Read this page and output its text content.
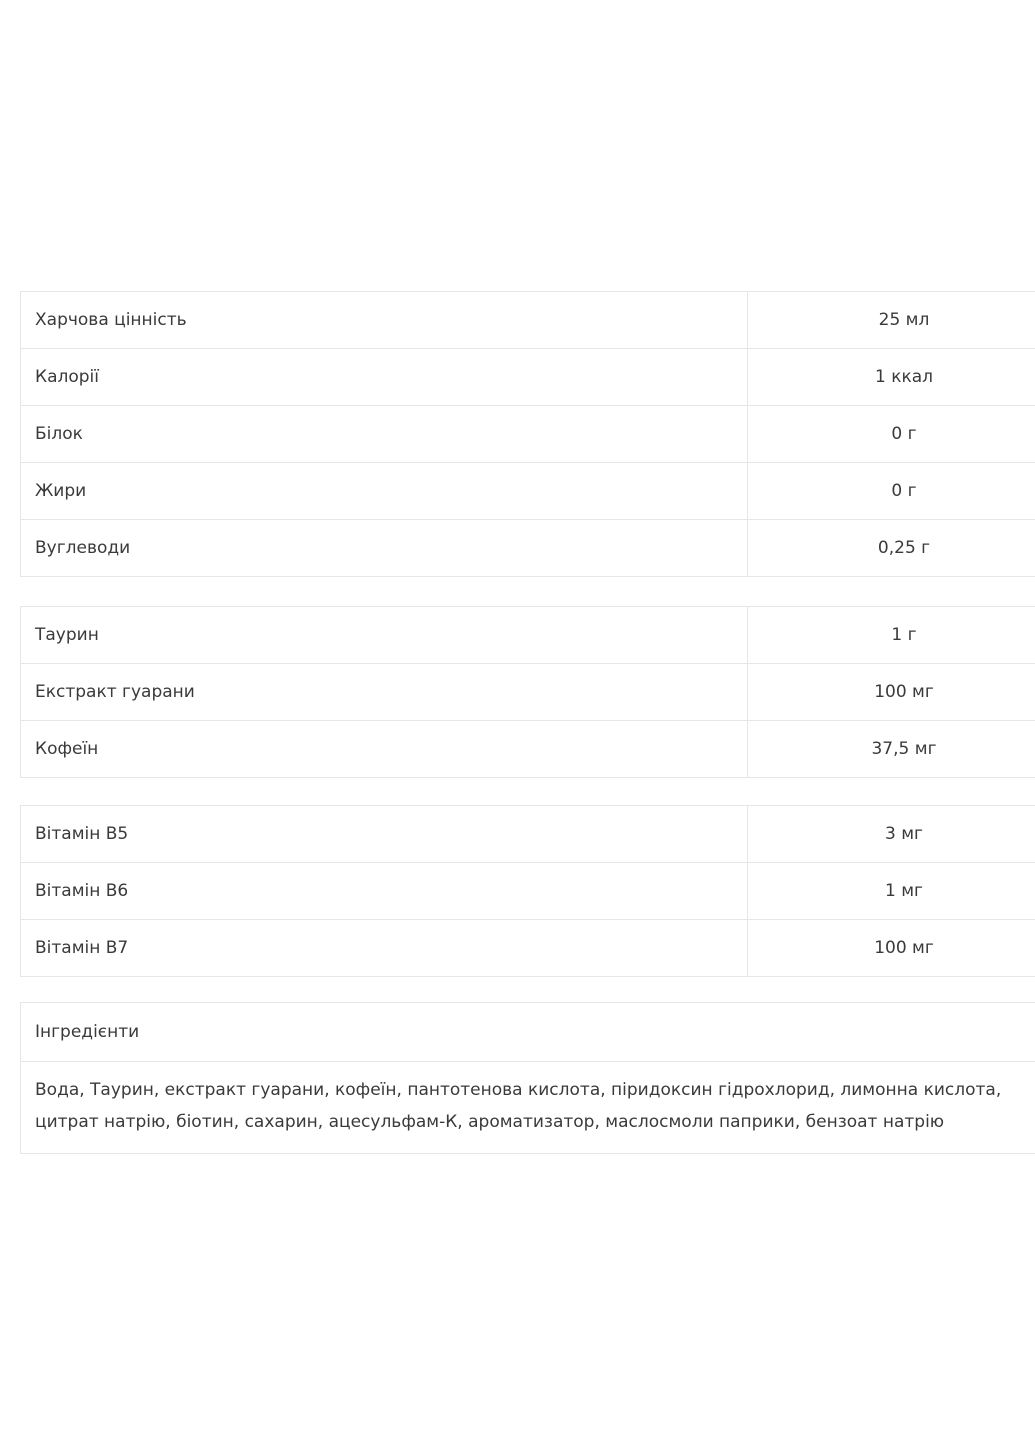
Харчова цінність	25 мл
Калорії	1 ккал
Білок	0 г
Жири	0 г
Вуглеводи	0,25 г
Таурин	1 г
Екстракт гуарани	100 мг
Кофеїн	37,5 мг
Вітамін B5	3 мг
Вітамін B6	1 мг
Вітамін B7	100 мг
Інгредієнти
Вода, Таурин, екстракт гуарани, кофеїн, пантотенова кислота, піридоксин гідрохлорид, лимонна кислота, цитрат натрію, біотин, сахарин, ацесульфам-К, ароматизатор, маслосмоли паприки, бензоат натрію
